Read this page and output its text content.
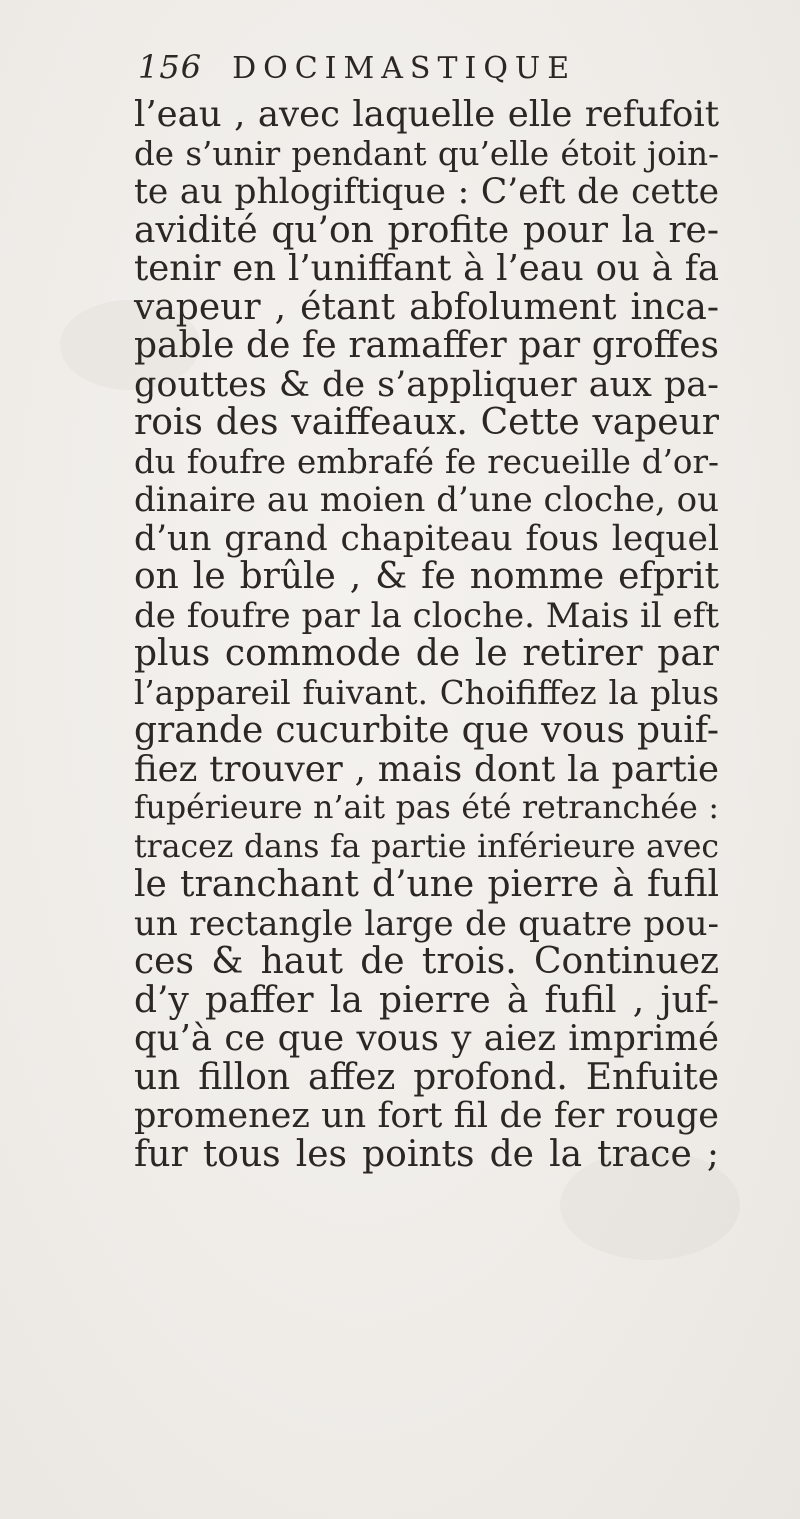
156 DOCIMASTIQUE
l’eau , avec laquelle elle refufoit
de s’unir pendant qu’elle étoit join-
te au phlogiftique : C’eft de cette
avidité qu’on profite pour la re-
tenir en l’uniffant à l’eau ou à fa
vapeur , étant abfolument inca-
pable de fe ramaffer par groffes
gouttes & de s’appliquer aux pa-
rois des vaiffeaux. Cette vapeur
du foufre embrafé fe recueille d’or-
dinaire au moien d’une cloche, ou
d’un grand chapiteau fous lequel
on le brûle , & fe nomme efprit
de foufre par la cloche. Mais il eft
plus commode de le retirer par
l’appareil fuivant. Choififfez la plus
grande cucurbite que vous puif-
fiez trouver , mais dont la partie
fupérieure n’ait pas été retranchée :
tracez dans fa partie inférieure avec
le tranchant d’une pierre à fufil
un rectangle large de quatre pou-
ces & haut de trois. Continuez
d’y paffer la pierre à fufil , juf-
qu’à ce que vous y aiez imprimé
un fillon affez profond. Enfuite
promenez un fort fil de fer rouge
fur tous les points de la trace ;
